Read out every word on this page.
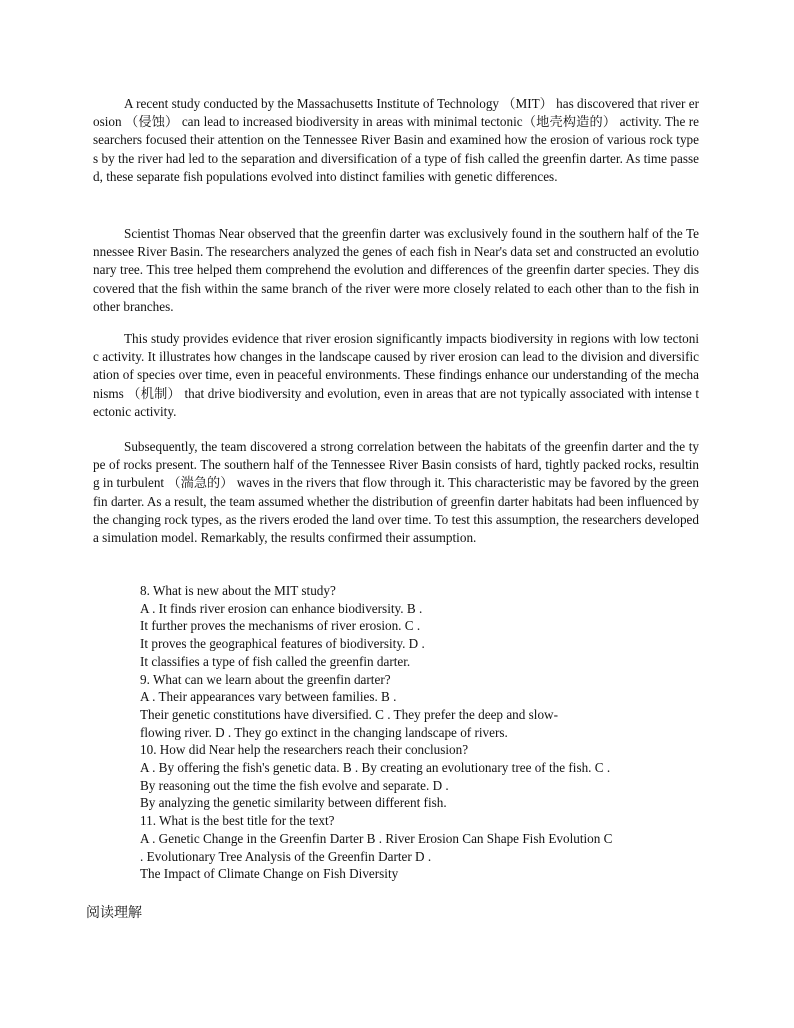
A recent study conducted by the Massachusetts Institute of Technology （MIT） has discovered that river erosion （侵蚀） can lead to increased biodiversity in areas with minimal tectonic（地壳构造的） activity. The researchers focused their attention on the Tennessee River Basin and examined how the erosion of various rock types by the river had led to the separation and diversification of a type of fish called the greenfin darter. As time passed, these separate fish populations evolved into distinct families with genetic differences.

Scientist Thomas Near observed that the greenfin darter was exclusively found in the southern half of the Tennessee River Basin. The researchers analyzed the genes of each fish in Near's data set and constructed an evolutionary tree. This tree helped them comprehend the evolution and differences of the greenfin darter species. They discovered that the fish within the same branch of the river were more closely related to each other than to the fish in other branches.

This study provides evidence that river erosion significantly impacts biodiversity in regions with low tectonic activity. It illustrates how changes in the landscape caused by river erosion can lead to the division and diversification of species over time, even in peaceful environments. These findings enhance our understanding of the mechanisms （机制） that drive biodiversity and evolution, even in areas that are not typically associated with intense tectonic activity.

Subsequently, the team discovered a strong correlation between the habitats of the greenfin darter and the type of rocks present. The southern half of the Tennessee River Basin consists of hard, tightly packed rocks, resulting in turbulent （湍急的） waves in the rivers that flow through it. This characteristic may be favored by the greenfin darter. As a result, the team assumed whether the distribution of greenfin darter habitats had been influenced by the changing rock types, as the rivers eroded the land over time. To test this assumption, the researchers developed a simulation model. Remarkably, the results confirmed their assumption.

8. What is new about the MIT study?
A . It finds river erosion can enhance biodiversity. B .
It further proves the mechanisms of river erosion. C .
It proves the geographical features of biodiversity. D .
It classifies a type of fish called the greenfin darter.
9. What can we learn about the greenfin darter?
A . Their appearances vary between families. B .
Their genetic constitutions have diversified. C . They prefer the deep and slow-
flowing river. D . They go extinct in the changing landscape of rivers.
10. How did Near help the researchers reach their conclusion?
A . By offering the fish's genetic data. B . By creating an evolutionary tree of the fish. C .
By reasoning out the time the fish evolve and separate. D .
By analyzing the genetic similarity between different fish.
11. What is the best title for the text?
A . Genetic Change in the Greenfin Darter B . River Erosion Can Shape Fish Evolution C
. Evolutionary Tree Analysis of the Greenfin Darter D .
The Impact of Climate Change on Fish Diversity
阅读理解
